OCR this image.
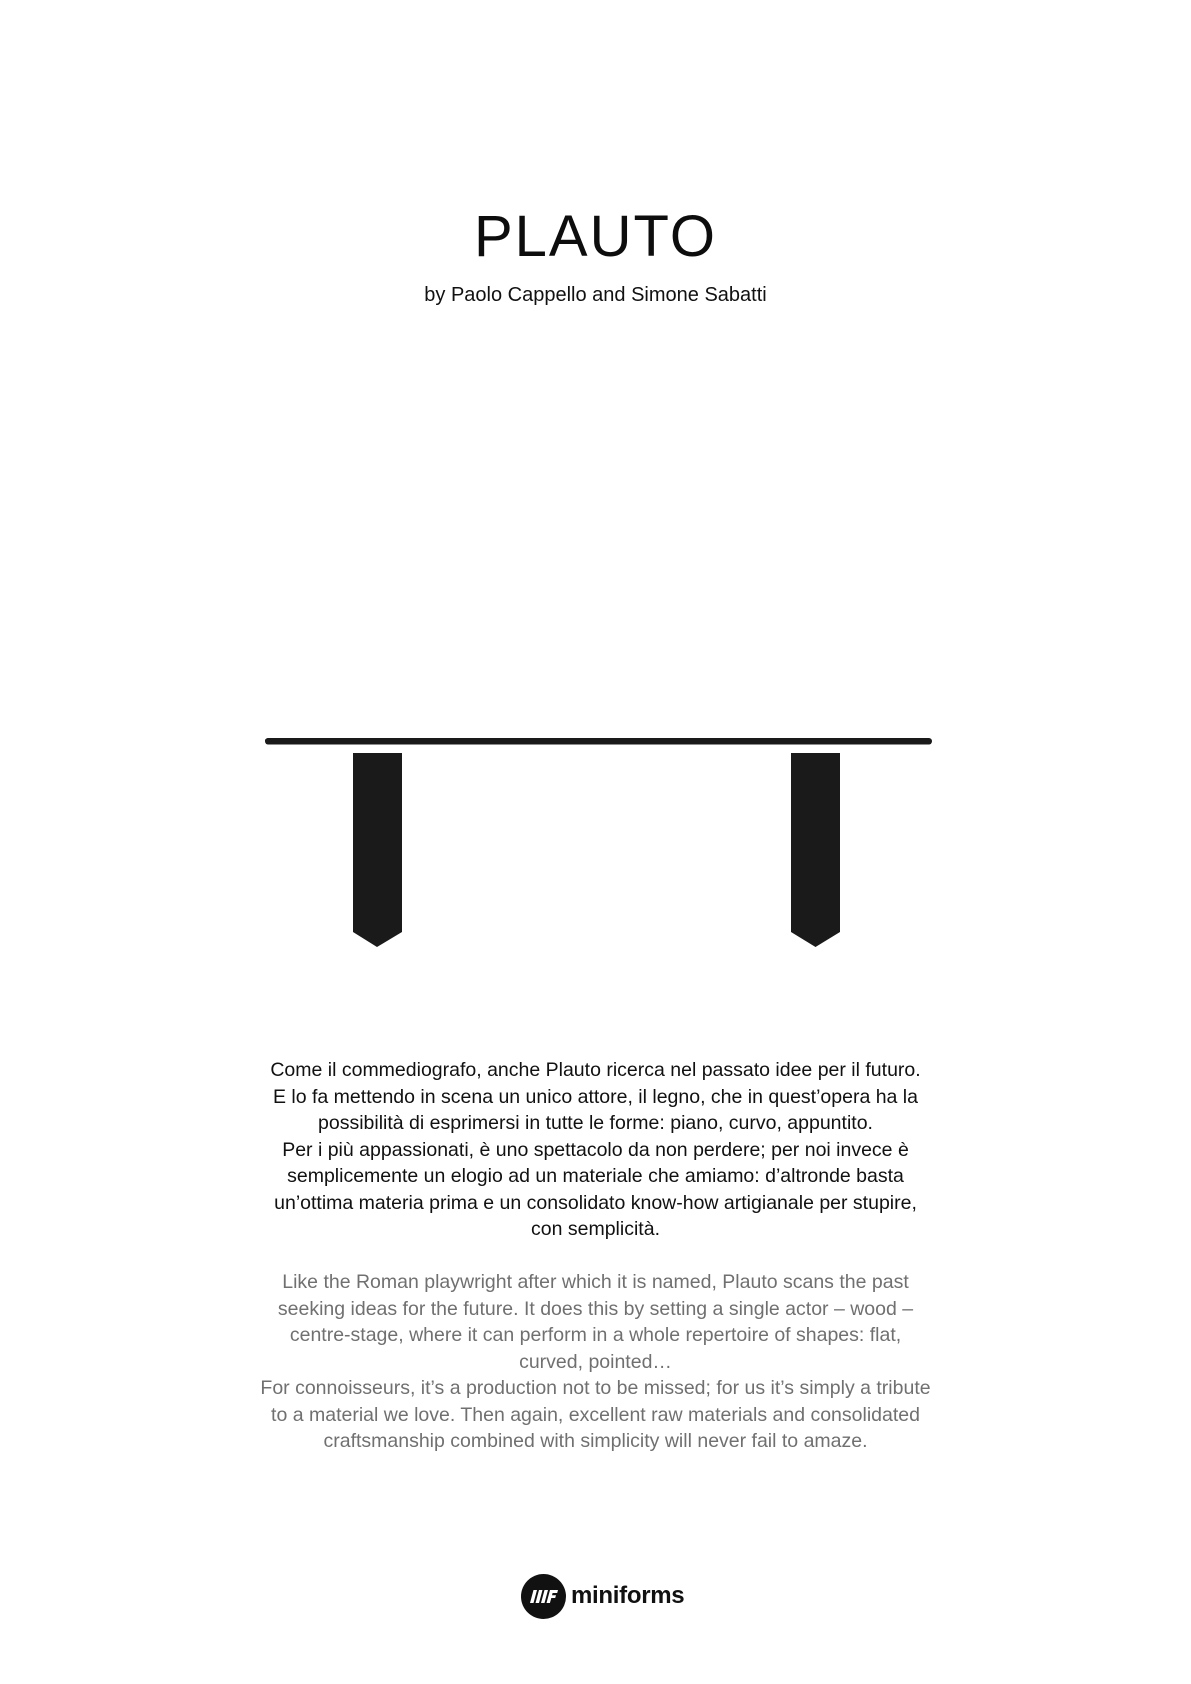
PLAUTO
by Paolo Cappello and Simone Sabatti

Come il commediografo, anche Plauto ricerca nel passato idee per il futuro.

E lo fa mettendo in scena un unico attore, il legno, che in quest’opera ha la

possibilità di esprimersi in tutte le forme: piano, curvo, appuntito.

Per i più appassionati, è uno spettacolo da non perdere; per noi invece è

semplicemente un elogio ad un materiale che amiamo: d’altronde basta

un’ottima materia prima e un consolidato know-how artigianale per stupire,

con semplicità.

Like the Roman playwright after which it is named, Plauto scans the past

seeking ideas for the future. It does this by setting a single actor – wood –

centre-stage, where it can perform in a whole repertoire of shapes: flat,

curved, pointed…

For connoisseurs, it’s a production not to be missed; for us it’s simply a tribute

to a material we love. Then again, excellent raw materials and consolidated

craftsmanship combined with simplicity will never fail to amaze.

miniforms
